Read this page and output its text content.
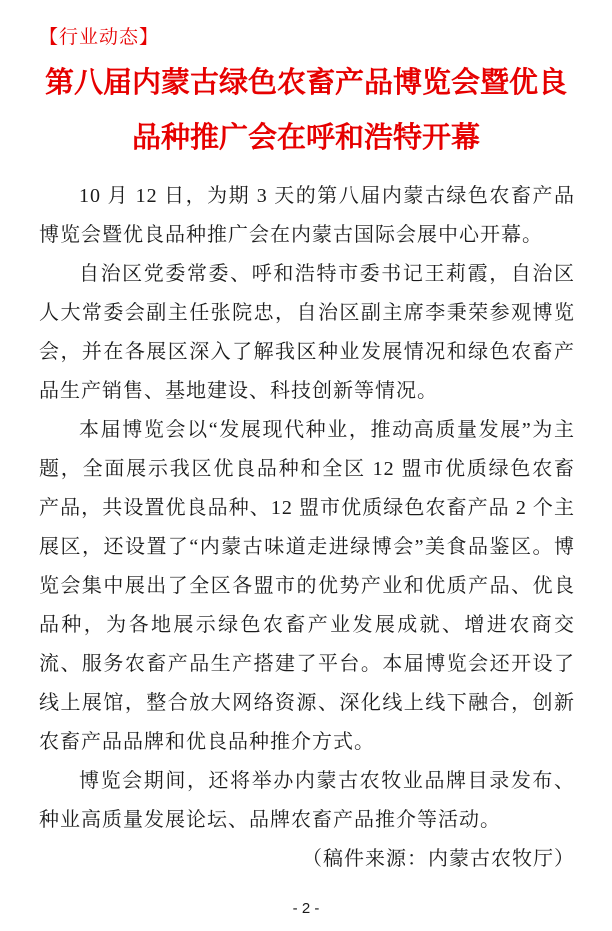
【行业动态】
第八届内蒙古绿色农畜产品博览会暨优良
品种推广会在呼和浩特开幕

10 月 12 日，为期 3 天的第八届内蒙古绿色农畜产品博览会暨优良品种推广会在内蒙古国际会展中心开幕。

自治区党委常委、呼和浩特市委书记王莉霞，自治区人大常委会副主任张院忠，自治区副主席李秉荣参观博览会，并在各展区深入了解我区种业发展情况和绿色农畜产品生产销售、基地建设、科技创新等情况。

本届博览会以“发展现代种业，推动高质量发展”为主题，全面展示我区优良品种和全区 12 盟市优质绿色农畜产品，共设置优良品种、12 盟市优质绿色农畜产品 2 个主展区，还设置了“内蒙古味道走进绿博会”美食品鉴区。博览会集中展出了全区各盟市的优势产业和优质产品、优良品种，为各地展示绿色农畜产业发展成就、增进农商交流、服务农畜产品生产搭建了平台。本届博览会还开设了线上展馆，整合放大网络资源、深化线上线下融合，创新农畜产品品牌和优良品种推介方式。

博览会期间，还将举办内蒙古农牧业品牌目录发布、种业高质量发展论坛、品牌农畜产品推介等活动。

（稿件来源：内蒙古农牧厅）

- 2 -
